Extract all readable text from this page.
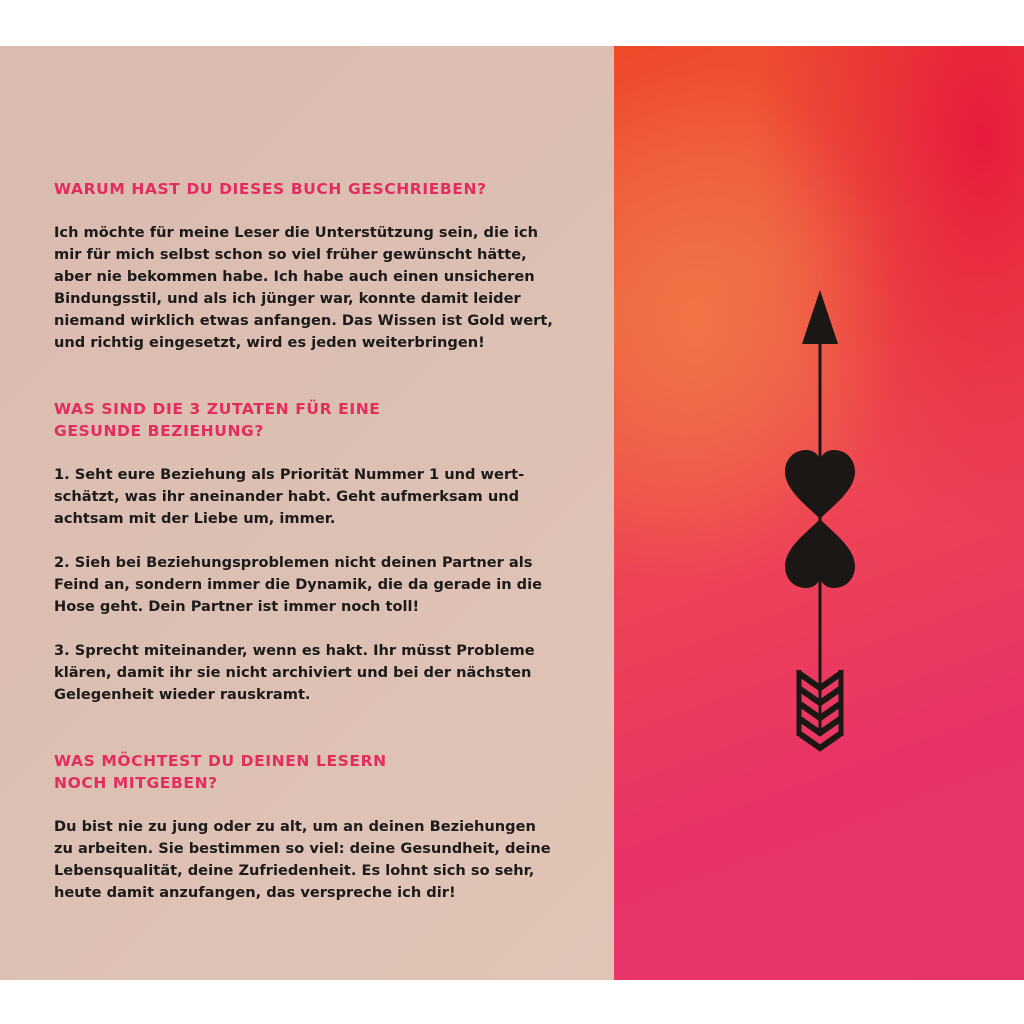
WARUM HAST DU DIESES BUCH GESCHRIEBEN?

Ich möchte für meine Leser die Unterstützung sein, die ich
mir für mich selbst schon so viel früher gewünscht hätte,
aber nie bekommen habe. Ich habe auch einen unsicheren
Bindungsstil, und als ich jünger war, konnte damit leider
niemand wirklich etwas anfangen. Das Wissen ist Gold wert,
und richtig eingesetzt, wird es jeden weiterbringen!

WAS SIND DIE 3 ZUTATEN FÜR EINE
GESUNDE BEZIEHUNG?

1. Seht eure Beziehung als Priorität Nummer 1 und wert-
schätzt, was ihr aneinander habt. Geht aufmerksam und
achtsam mit der Liebe um, immer.

2. Sieh bei Beziehungsproblemen nicht deinen Partner als
Feind an, sondern immer die Dynamik, die da gerade in die
Hose geht. Dein Partner ist immer noch toll!

3. Sprecht miteinander, wenn es hakt. Ihr müsst Probleme
klären, damit ihr sie nicht archiviert und bei der nächsten
Gelegenheit wieder rauskramt.

WAS MÖCHTEST DU DEINEN LESERN
NOCH MITGEBEN?

Du bist nie zu jung oder zu alt, um an deinen Beziehungen
zu arbeiten. Sie bestimmen so viel: deine Gesundheit, deine
Lebensqualität, deine Zufriedenheit. Es lohnt sich so sehr,
heute damit anzufangen, das verspreche ich dir!
